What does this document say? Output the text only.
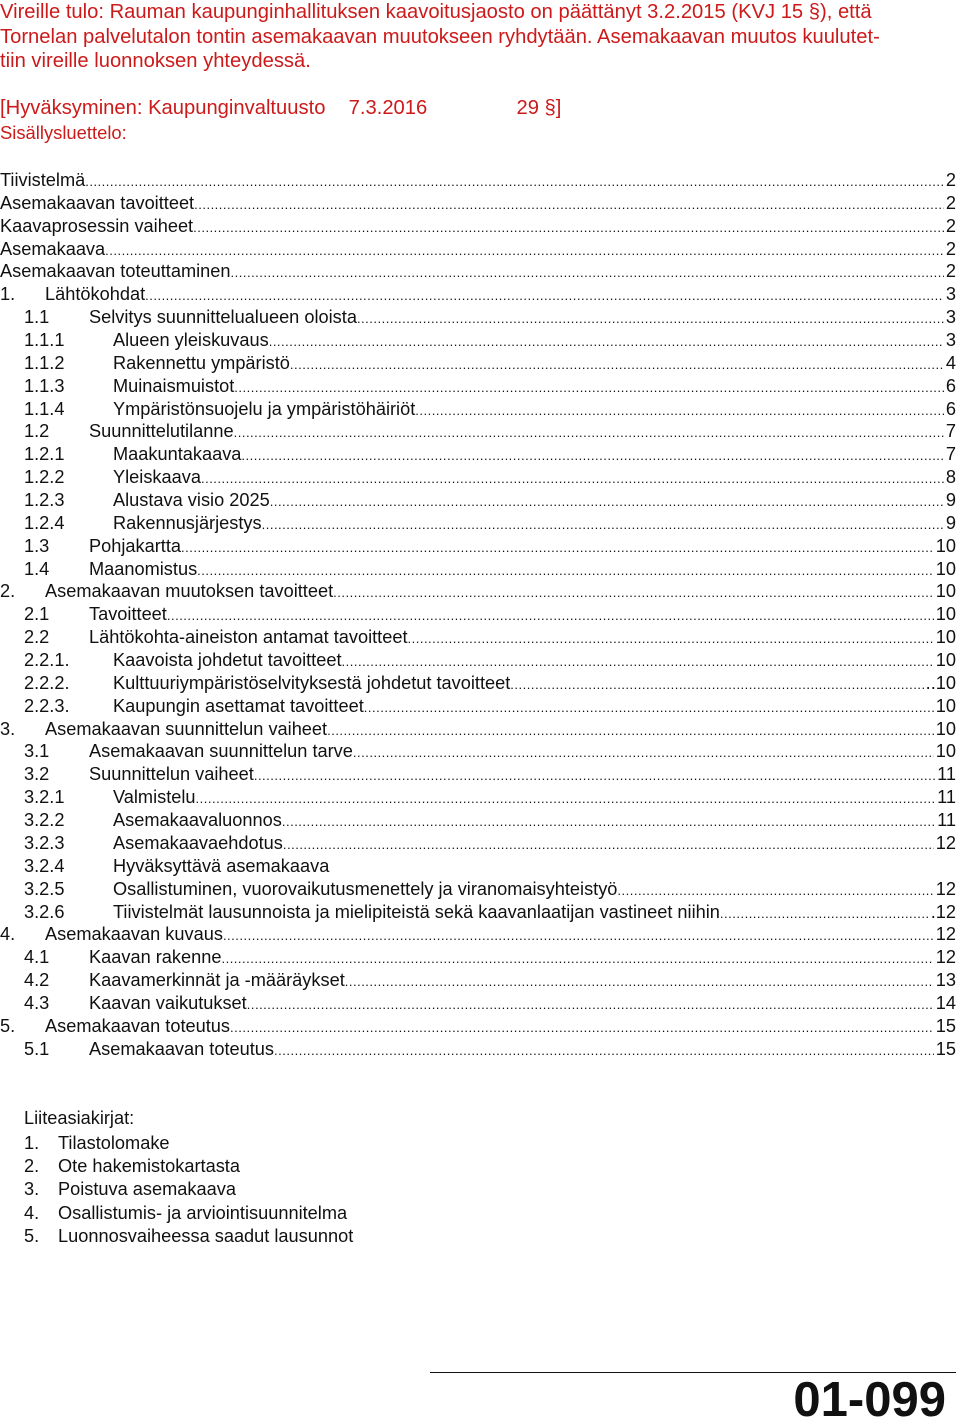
Vireille tulo: Rauman kaupunginhallituksen kaavoitusjaosto on päättänyt 3.2.2015 (KVJ 15 §), että
Tornelan palvelutalon tontin asemakaavan muutokseen ryhdytään. Asemakaavan muutos kuulutet-
tiin vireille luonnoksen yhteydessä.
[Hyväksyminen: Kaupunginvaltuusto 7.3.2016	29 §]
Sisällysluettelo:
Tiivistelmä .....	2
Asemakaavan tavoitteet .....	2
Kaavaprosessin vaiheet .....	2
Asemakaava .....	2
Asemakaavan toteuttaminen .....	2
1.	Lähtökohdat .....	3
1.1	Selvitys suunnittelualueen oloista .....	3
1.1.1	Alueen yleiskuvaus .....	3
1.1.2	Rakennettu ympäristö .....	4
1.1.3	Muinaismuistot .....	6
1.1.4	Ympäristönsuojelu ja ympäristöhäiriöt .....	6
1.2	Suunnittelutilanne .....	7
1.2.1	Maakuntakaava .....	7
1.2.2	Yleiskaava .....	8
1.2.3	Alustava visio 2025 .....	9
1.2.4	Rakennusjärjestys .....	9
1.3	Pohjakartta .....	10
1.4	Maanomistus .....	10
2.	Asemakaavan muutoksen tavoitteet .....	10
2.1	Tavoitteet .....	10
2.2	Lähtökohta-aineiston antamat tavoitteet .....	10
2.2.1.	Kaavoista johdetut tavoitteet .....	10
2.2.2.	Kulttuuriympäristöselvityksestä johdetut tavoitteet .....	..10
2.2.3.	Kaupungin asettamat tavoitteet .....	10
3.	Asemakaavan suunnittelun vaiheet .....	10
3.1	Asemakaavan suunnittelun tarve .....	10
3.2	Suunnittelun vaiheet .....	11
3.2.1	Valmistelu .....	11
3.2.2	Asemakaavaluonnos .....	11
3.2.3	Asemakaavaehdotus .....	12
3.2.4	Hyväksyttävä asemakaava
3.2.5	Osallistuminen, vuorovaikutusmenettely ja viranomaisyhteistyö .....	12
3.2.6	Tiivistelmät lausunnoista ja mielipiteistä sekä kaavanlaatijan vastineet niihin .....	.12
4.	Asemakaavan kuvaus .....	12
4.1	Kaavan rakenne .....	12
4.2	Kaavamerkinnät ja -määräykset .....	13
4.3	Kaavan vaikutukset .....	14
5.	Asemakaavan toteutus .....	15
5.1	Asemakaavan toteutus .....	15
Liiteasiakirjat:
1. Tilastolomake
2. Ote hakemistokartasta
3. Poistuva asemakaava
4. Osallistumis- ja arviointisuunnitelma
5. Luonnosvaiheessa saadut lausunnot
01-099
